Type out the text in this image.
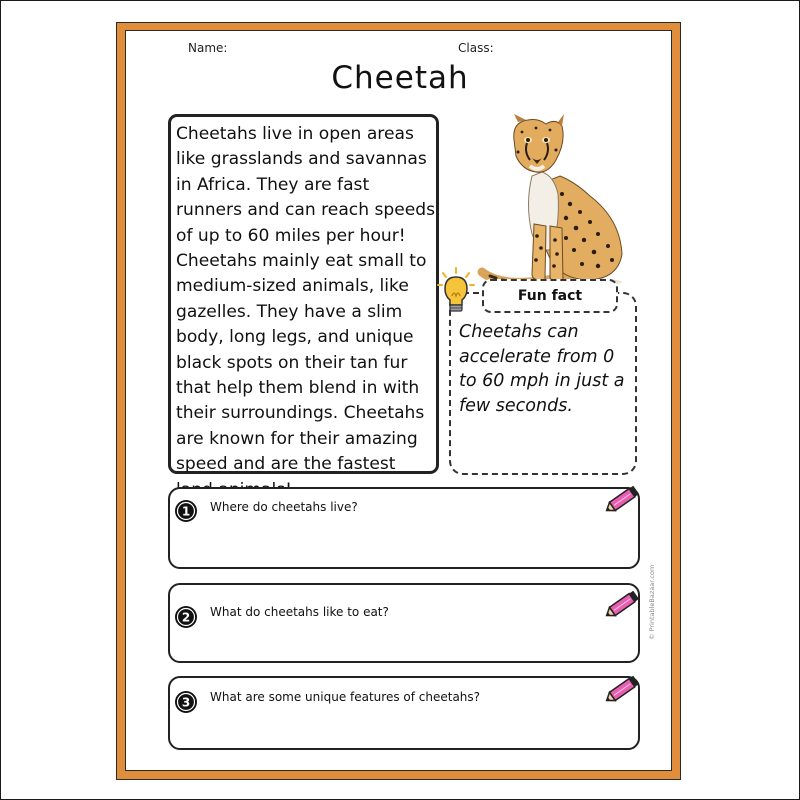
Name:	Class:
Cheetah
Cheetahs live in open areas
like grasslands and savannas
in Africa. They are fast
runners and can reach speeds
of up to 60 miles per hour!
Cheetahs mainly eat small to
medium-sized animals, like
gazelles. They have a slim
body, long legs, and unique
black spots on their tan fur
that help them blend in with
their surroundings. Cheetahs
are known for their amazing
speed and are the fastest
Fun fact
Cheetahs can
accelerate from 0
to 60 mph in just a
few seconds.
1 Where do cheetahs live?
2 What do cheetahs like to eat?
3 What are some unique features of cheetahs?
© PrintableBazaar.com
